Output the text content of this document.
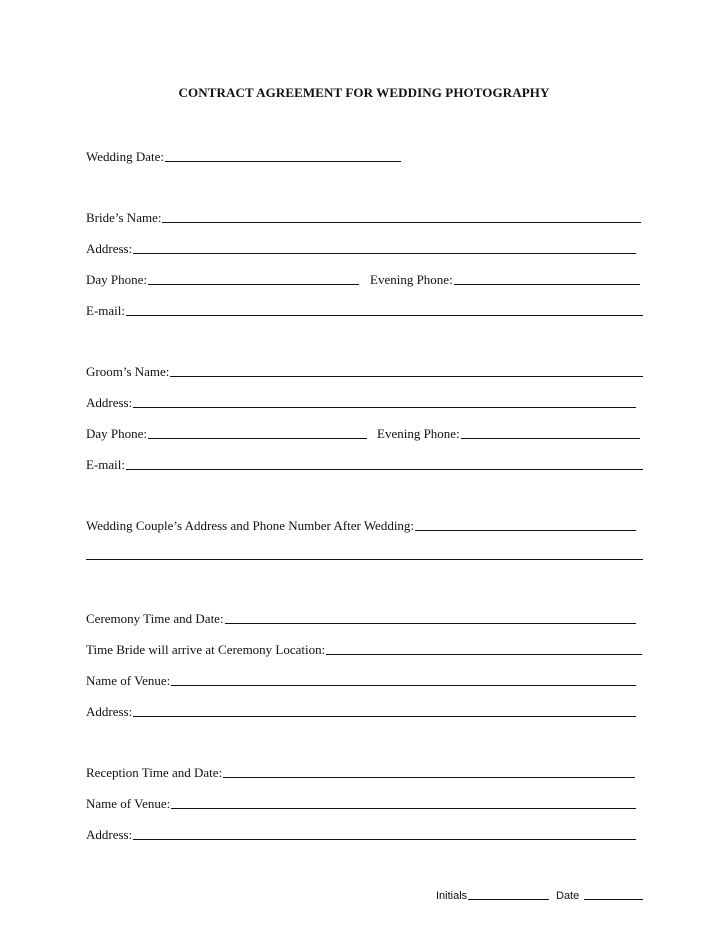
CONTRACT AGREEMENT FOR WEDDING PHOTOGRAPHY
Wedding Date:
Bride’s Name:
Address:
Day Phone:	Evening Phone:
E-mail:
Groom’s Name:
Address:
Day Phone:	Evening Phone:
E-mail:
Wedding Couple’s Address and Phone Number After Wedding:
Ceremony Time and Date:
Time Bride will arrive at Ceremony Location:
Name of Venue:
Address:
Reception Time and Date:
Name of Venue:
Address:
Initials	Date
